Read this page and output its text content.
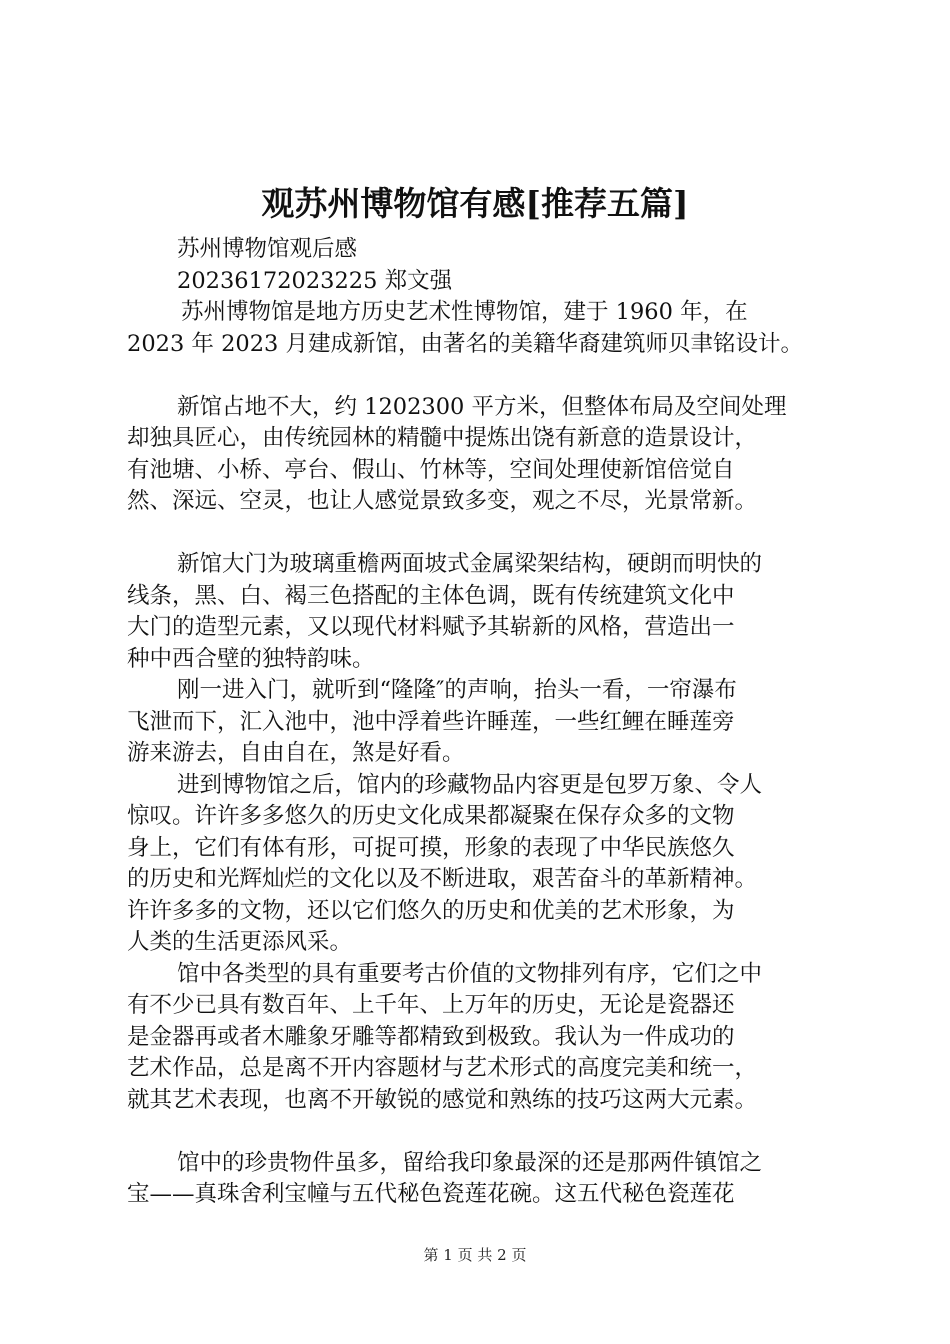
观苏州博物馆有感[推荐五篇]
苏州博物馆观后感
20236172023225 郑文强

苏州博物馆是地方历史艺术性博物馆，建于 1960 年，在
2023 年 2023 月建成新馆，由著名的美籍华裔建筑师贝聿铭设计。

新馆占地不大，约 1202300 平方米，但整体布局及空间处理
却独具匠心，由传统园林的精髓中提炼出饶有新意的造景设计，
有池塘、小桥、亭台、假山、竹林等，空间处理使新馆倍觉自
然、深远、空灵，也让人感觉景致多变，观之不尽，光景常新。

新馆大门为玻璃重檐两面坡式金属梁架结构，硬朗而明快的
线条，黑、白、褐三色搭配的主体色调，既有传统建筑文化中
大门的造型元素，又以现代材料赋予其崭新的风格，营造出一
种中西合壁的独特韵味。

刚一进入门，就听到“隆隆″的声响，抬头一看，一帘瀑布
飞泄而下，汇入池中，池中浮着些许睡莲，一些红鲤在睡莲旁
游来游去，自由自在，煞是好看。

进到博物馆之后，馆内的珍藏物品内容更是包罗万象、令人
惊叹。许许多多悠久的历史文化成果都凝聚在保存众多的文物
身上，它们有体有形，可捉可摸，形象的表现了中华民族悠久
的历史和光辉灿烂的文化以及不断进取，艰苦奋斗的革新精神。
许许多多的文物，还以它们悠久的历史和优美的艺术形象，为
人类的生活更添风采。

馆中各类型的具有重要考古价值的文物排列有序，它们之中
有不少已具有数百年、上千年、上万年的历史，无论是瓷器还
是金器再或者木雕象牙雕等都精致到极致。我认为一件成功的
艺术作品，总是离不开内容题材与艺术形式的高度完美和统一，
就其艺术表现，也离不开敏锐的感觉和熟练的技巧这两大元素。

馆中的珍贵物件虽多，留给我印象最深的还是那两件镇馆之
宝——真珠舍利宝幢与五代秘色瓷莲花碗。这五代秘色瓷莲花

第 1 页 共 2 页
